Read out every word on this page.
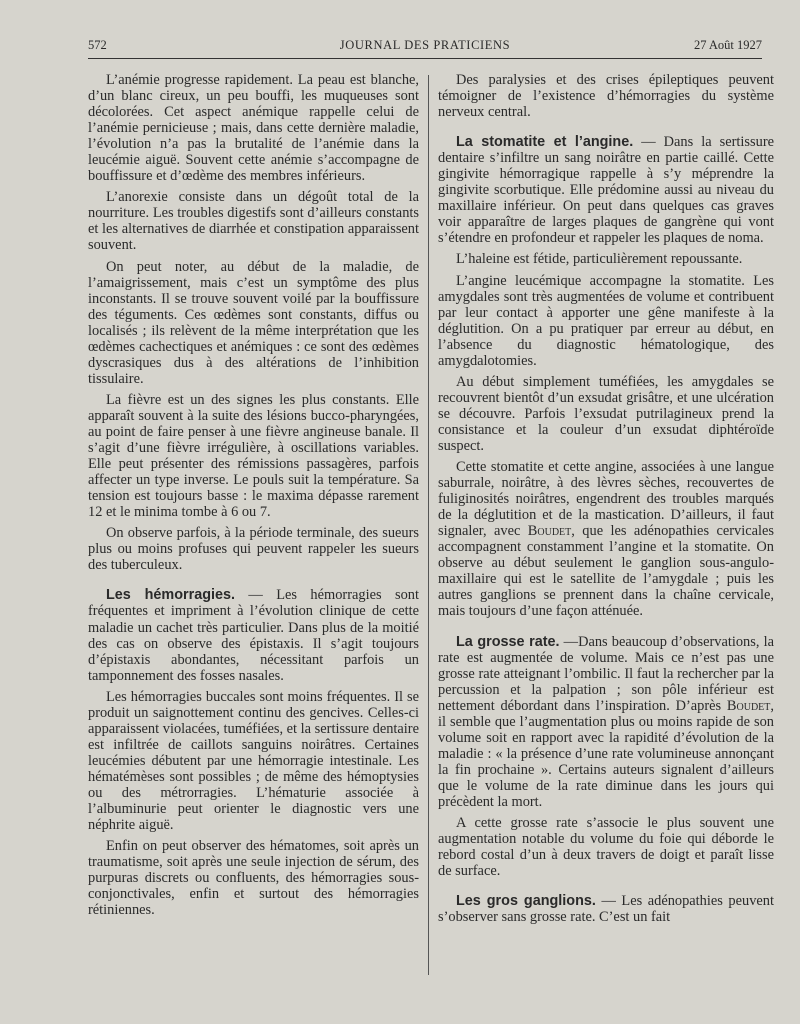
572	JOURNAL DES PRATICIENS	27 Août 1927

L’anémie progresse rapidement. La peau est blanche, d’un blanc cireux, un peu bouffi, les muqueuses sont décolorées. Cet aspect anémique rappelle celui de l’anémie pernicieuse ; mais, dans cette dernière maladie, l’évolution n’a pas la brutalité de l’anémie dans la leucémie aiguë. Souvent cette anémie s’accompagne de bouffissure et d’œdème des membres inférieurs.

L’anorexie consiste dans un dégoût total de la nourriture. Les troubles digestifs sont d’ailleurs constants et les alternatives de diarrhée et constipation apparaissent souvent.

On peut noter, au début de la maladie, de l’amaigrissement, mais c’est un symptôme des plus inconstants. Il se trouve souvent voilé par la bouffissure des téguments. Ces œdèmes sont constants, diffus ou localisés ; ils relèvent de la même interprétation que les œdèmes cachectiques et anémiques : ce sont des œdèmes dyscrasiques dus à des altérations de l’inhibition tissulaire.

La fièvre est un des signes les plus constants. Elle apparaît souvent à la suite des lésions bucco-pharyngées, au point de faire penser à une fièvre angineuse banale. Il s’agit d’une fièvre irrégulière, à oscillations variables. Elle peut présenter des rémissions passagères, parfois affecter un type inverse. Le pouls suit la température. Sa tension est toujours basse : le maxima dépasse rarement 12 et le minima tombe à 6 ou 7.

On observe parfois, à la période terminale, des sueurs plus ou moins profuses qui peuvent rappeler les sueurs des tuberculeux.

Les hémorragies. — Les hémorragies sont fréquentes et impriment à l’évolution clinique de cette maladie un cachet très particulier. Dans plus de la moitié des cas on observe des épistaxis. Il s’agit toujours d’épistaxis abondantes, nécessitant parfois un tamponnement des fosses nasales.

Les hémorragies buccales sont moins fréquentes. Il se produit un saignottement continu des gencives. Celles-ci apparaissent violacées, tuméfiées, et la sertissure dentaire est infiltrée de caillots sanguins noirâtres. Certaines leucémies débutent par une hémorragie intestinale. Les hématémèses sont possibles ; de même des hémoptysies ou des métrorragies. L’hématurie associée à l’albuminurie peut orienter le diagnostic vers une néphrite aiguë.

Enfin on peut observer des hématomes, soit après un traumatisme, soit après une seule injection de sérum, des purpuras discrets ou confluents, des hémorragies sous-conjonctivales, enfin et surtout des hémorragies rétiniennes.

Des paralysies et des crises épileptiques peuvent témoigner de l’existence d’hémorragies du système nerveux central.

La stomatite et l’angine. — Dans la sertissure dentaire s’infiltre un sang noirâtre en partie caillé. Cette gingivite hémorragique rappelle à s’y méprendre la gingivite scorbutique. Elle prédomine aussi au niveau du maxillaire inférieur. On peut dans quelques cas graves voir apparaître de larges plaques de gangrène qui vont s’étendre en profondeur et rappeler les plaques de noma.

L’haleine est fétide, particulièrement repoussante.

L’angine leucémique accompagne la stomatite. Les amygdales sont très augmentées de volume et contribuent par leur contact à apporter une gêne manifeste à la déglutition. On a pu pratiquer par erreur au début, en l’absence du diagnostic hématologique, des amygdalotomies.

Au début simplement tuméfiées, les amygdales se recouvrent bientôt d’un exsudat grisâtre, et une ulcération se découvre. Parfois l’exsudat putrilagineux prend la consistance et la couleur d’un exsudat diphtéroïde suspect.

Cette stomatite et cette angine, associées à une langue saburrale, noirâtre, à des lèvres sèches, recouvertes de fuliginosités noirâtres, engendrent des troubles marqués de la déglutition et de la mastication. D’ailleurs, il faut signaler, avec Boudet, que les adénopathies cervicales accompagnent constamment l’angine et la stomatite. On observe au début seulement le ganglion sous-angulo-maxillaire qui est le satellite de l’amygdale ; puis les autres ganglions se prennent dans la chaîne cervicale, mais toujours d’une façon atténuée.

La grosse rate. —Dans beaucoup d’observations, la rate est augmentée de volume. Mais ce n’est pas une grosse rate atteignant l’ombilic. Il faut la rechercher par la percussion et la palpation ; son pôle inférieur est nettement débordant dans l’inspiration. D’après Boudet, il semble que l’augmentation plus ou moins rapide de son volume soit en rapport avec la rapidité d’évolution de la maladie : « la présence d’une rate volumineuse annonçant la fin prochaine ». Certains auteurs signalent d’ailleurs que le volume de la rate diminue dans les jours qui précèdent la mort.

A cette grosse rate s’associe le plus souvent une augmentation notable du volume du foie qui déborde le rebord costal d’un à deux travers de doigt et paraît lisse de surface.

Les gros ganglions. — Les adénopathies peuvent s’observer sans grosse rate. C’est un fait
